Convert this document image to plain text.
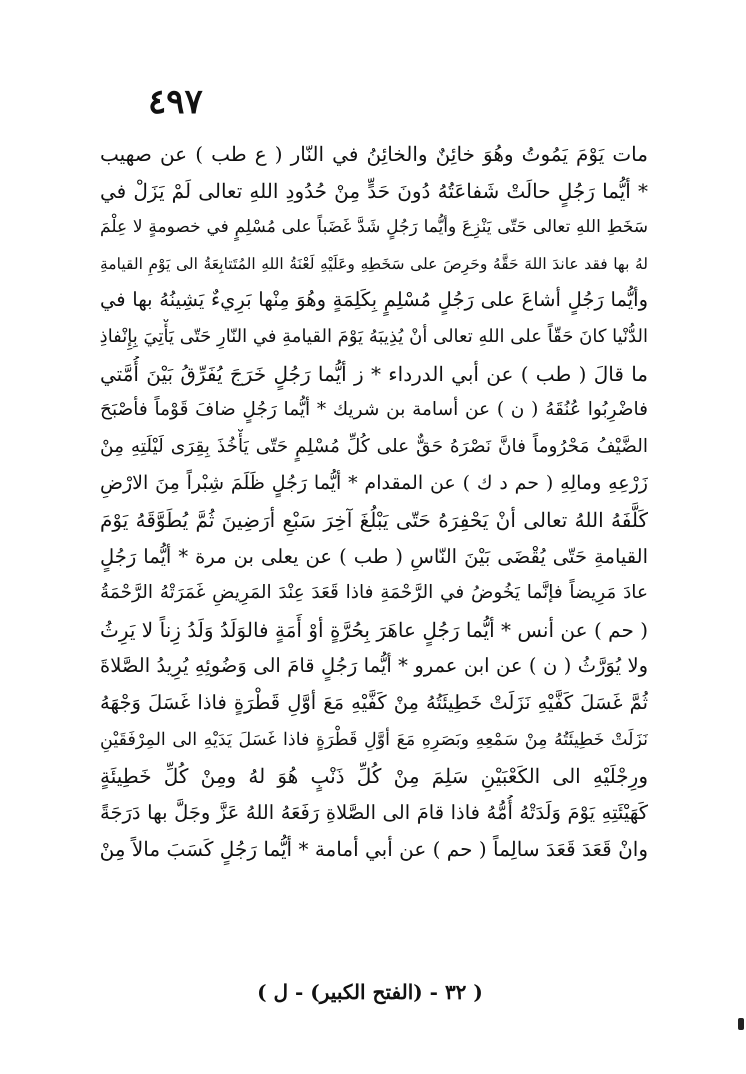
٤٩٧
مات يَوْمَ يَمُوتُ وهُوَ خائِنٌ والخائِنُ في النّار ( ع طب ) عن صهيب
* أيُّما رَجُلٍ حالَتْ شَفاعَتُهُ دُونَ حَدٍّ مِنْ حُدُودِ اللهِ تعالى لَمْ يَزَلْ في
سَخَطِ اللهِ تعالى حَتّى يَنْزِعَ وأيُّما رَجُلٍ شَدَّ غَضَباً على مُسْلِمٍ في خصومةٍ لا عِلْمَ
لهُ بها فقد عاندَ اللهَ حَقَّهُ وحَرِصَ على سَخَطِهِ وعَلَيْهِ لَعْنَةُ اللهِ المُتَتابِعَةُ الى يَوْمِ القيامةِ
وأيُّما رَجُلٍ أشاعَ على رَجُلٍ مُسْلِمٍ بِكَلِمَةٍ وهُوَ مِنْها بَرِيءٌ يَشِينُهُ بها في
الدُّنْيا كانَ حَقّاً على اللهِ تعالى أنْ يُذِيبَهُ يَوْمَ القيامةِ في النّارِ حَتّى يَأْتِيَ بِإِنْفاذِ
ما قالَ ( طب ) عن أبي الدرداء * ز أيُّما رَجُلٍ خَرَجَ يُفَرِّقُ بَيْنَ أُمَّتي
فاضْرِبُوا عُنُقَهُ ( ن ) عن أسامة بن شريك * أيُّما رَجُلٍ ضافَ قَوْماً فأصْبَحَ
الضَّيْفُ مَحْرُوماً فانَّ نَصْرَهُ حَقٌّ على كُلِّ مُسْلِمٍ حَتّى يَأْخُذَ بِقِرَى لَيْلَتِهِ مِنْ
زَرْعِهِ ومالِهِ ( حم د ك ) عن المقدام * أيُّما رَجُلٍ ظَلَمَ شِبْراً مِنَ الارْضِ
كَلَّفَهُ اللهُ تعالى أنْ يَحْفِرَهُ حَتّى يَبْلُغَ آخِرَ سَبْعِ أرَضِينَ ثُمَّ يُطَوَّقَهُ يَوْمَ
القيامةِ حَتّى يُقْضَى بَيْنَ النّاسِ ( طب ) عن يعلى بن مرة * أيُّما رَجُلٍ
عادَ مَرِيضاً فإنَّما يَخُوضُ في الرَّحْمَةِ فاذا قَعَدَ عِنْدَ المَرِيضِ غَمَرَتْهُ الرَّحْمَةُ
( حم ) عن أنس * أيُّما رَجُلٍ عاهَرَ بِحُرَّةٍ أوْ أَمَةٍ فالوَلَدُ وَلَدُ زِناً لا يَرِثُ
ولا يُوَرَّثُ ( ن ) عن ابن عمرو * أيُّما رَجُلٍ قامَ الى وَضُوئِهِ يُرِيدُ الصَّلاةَ
ثُمَّ غَسَلَ كَفَّيْهِ نَزَلَتْ خَطِيئَتُهُ مِنْ كَفَّيْهِ مَعَ أوَّلِ قَطْرَةٍ فاذا غَسَلَ وَجْهَهُ
نَزَلَتْ خَطِيئَتُهُ مِنْ سَمْعِهِ وبَصَرِهِ مَعَ أوَّلِ قَطْرَةٍ فاذا غَسَلَ يَدَيْهِ الى المِرْفَقَيْنِ
ورِجْلَيْهِ الى الكَعْبَيْنِ سَلِمَ مِنْ كُلِّ ذَنْبٍ هُوَ لهُ ومِنْ كُلِّ خَطِيئَةٍ
كَهَيْئَتِهِ يَوْمَ وَلَدَتْهُ أُمُّهُ فاذا قامَ الى الصَّلاةِ رَفَعَهُ اللهُ عَزَّ وجَلَّ بها دَرَجَةً
وانْ قَعَدَ قَعَدَ سالِماً ( حم ) عن أبي أمامة * أيُّما رَجُلٍ كَسَبَ مالاً مِنْ
( ٣٢ - (الفتح الكبير) - ل )
